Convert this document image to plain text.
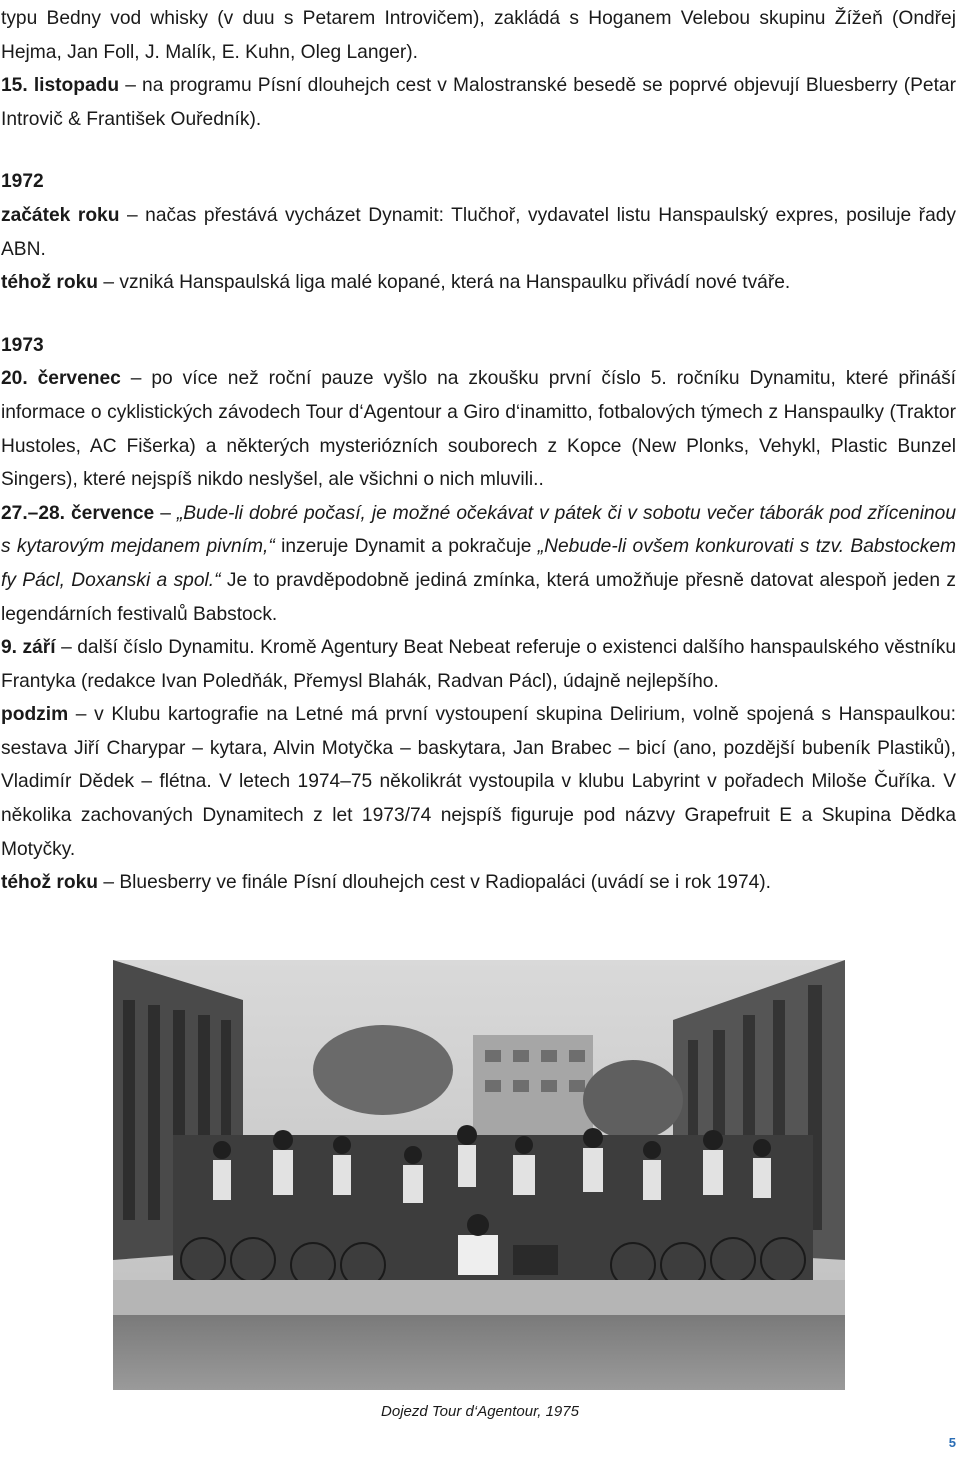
typu Bedny vod whisky (v duu s Petarem Introvičem), zakládá s Hoganem Velebou skupinu Žížeň (Ondřej Hejma, Jan Foll, J. Malík, E. Kuhn, Oleg Langer).

15. listopadu – na programu Písní dlouhejch cest v Malostranské besedě se poprvé objevují Bluesberry (Petar Introvič & František Ouředník).

1972

začátek roku – načas přestává vycházet Dynamit: Tlučhoř, vydavatel listu Hanspaulský expres, posiluje řady ABN.

téhož roku – vzniká Hanspaulská liga malé kopané, která na Hanspaulku přivádí nové tváře.

1973

20. červenec – po více než roční pauze vyšlo na zkoušku první číslo 5. ročníku Dynamitu, které přináší informace o cyklistických závodech Tour d‘Agentour a Giro d‘inamitto, fotbalových týmech z Hanspaulky (Traktor Hustoles, AC Fišerka) a některých mysteriózních souborech z Kopce (New Plonks, Vehykl, Plastic Bunzel Singers), které nejspíš nikdo neslyšel, ale všichni o nich mluvili..

27.–28. července – „Bude-li dobré počasí, je možné očekávat v pátek či v sobotu večer táborák pod zříceninou s kytarovým mejdanem pivním,“ inzeruje Dynamit a pokračuje „Nebude-li ovšem konkurovati s tzv. Babstockem fy Pácl, Doxanski a spol.“ Je to pravděpodobně jediná zmínka, která umožňuje přesně datovat alespoň jeden z legendárních festivalů Babstock.

9. září – další číslo Dynamitu. Kromě Agentury Beat Nebeat referuje o existenci dalšího hanspaulského věstníku Frantyka (redakce Ivan Poledňák, Přemysl Blahák, Radvan Pácl), údajně nejlepšího.

podzim – v Klubu kartografie na Letné má první vystoupení skupina Delirium, volně spojená s Hanspaulkou: sestava Jiří Charypar – kytara, Alvin Motyčka – baskytara, Jan Brabec – bicí (ano, pozdější bubeník Plastiků), Vladimír Dědek – flétna. V letech 1974–75 několikrát vystoupila v klubu Labyrint v pořadech Miloše Čuříka. V několika zachovaných Dynamitech z let 1973/74 nejspíš figuruje pod názvy Grapefruit E a Skupina Dědka Motyčky.

téhož roku – Bluesberry ve finále Písní dlouhejch cest v Radiopaláci (uvádí se i rok 1974).

Dojezd Tour d‘Agentour, 1975
5
